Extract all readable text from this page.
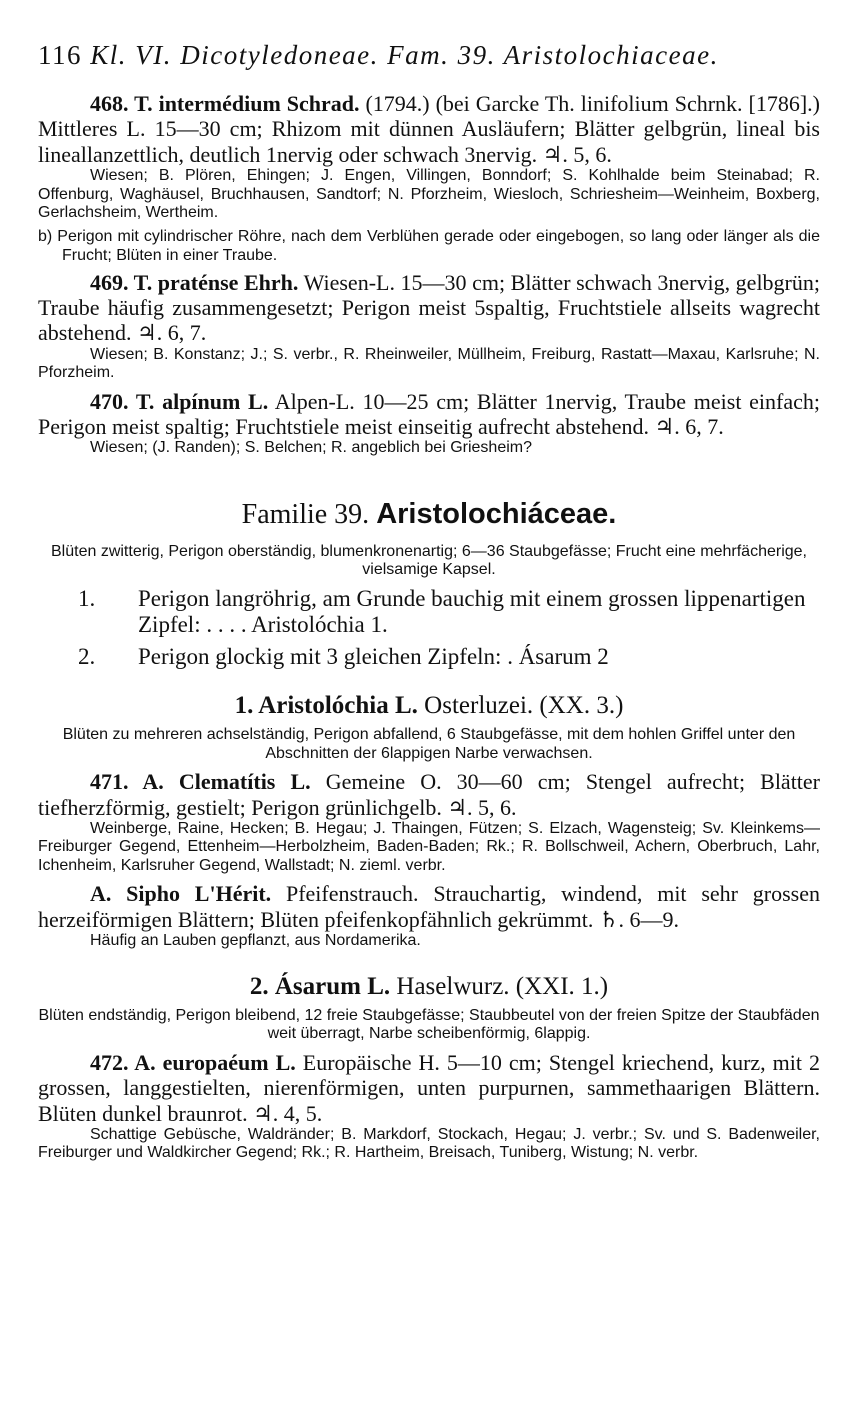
116 Kl. VI. Dicotyledoneae. Fam. 39. Aristolochiaceae.

468. T. intermédium Schrad. (1794.) (bei Garcke Th. linifolium Schrnk. [1786].) Mittleres L. 15—30 cm; Rhizom mit dünnen Ausläufern; Blätter gelbgrün, lineal bis lineallanzettlich, deutlich 1nervig oder schwach 3nervig. ♃. 5, 6.

Wiesen; B. Plören, Ehingen; J. Engen, Villingen, Bonndorf; S. Kohlhalde beim Steinabad; R. Offenburg, Waghäusel, Bruchhausen, Sandtorf; N. Pforzheim, Wiesloch, Schriesheim—Weinheim, Boxberg, Gerlachsheim, Wertheim.

b) Perigon mit cylindrischer Röhre, nach dem Verblühen gerade oder eingebogen, so lang oder länger als die Frucht; Blüten in einer Traube.

469. T. praténse Ehrh. Wiesen-L. 15—30 cm; Blätter schwach 3nervig, gelbgrün; Traube häufig zusammengesetzt; Perigon meist 5spaltig, Fruchtstiele allseits wagrecht abstehend. ♃. 6, 7.

Wiesen; B. Konstanz; J.; S. verbr., R. Rheinweiler, Müllheim, Freiburg, Rastatt—Maxau, Karlsruhe; N. Pforzheim.

470. T. alpínum L. Alpen-L. 10—25 cm; Blätter 1nervig, Traube meist einfach; Perigon meist spaltig; Fruchtstiele meist einseitig aufrecht abstehend. ♃. 6, 7.

Wiesen; (J. Randen); S. Belchen; R. angeblich bei Griesheim?

Familie 39. Aristolochiáceae.

Blüten zwitterig, Perigon oberständig, blumenkronenartig; 6—36 Staubgefässe; Frucht eine mehrfächerige, vielsamige Kapsel.

1.	Perigon langröhrig, am Grunde bauchig mit einem grossen lippenartigen Zipfel: . . . . Aristolóchia 1.
2.	Perigon glockig mit 3 gleichen Zipfeln: . Ásarum 2
1. Aristolóchia L. Osterluzei. (XX. 3.)

Blüten zu mehreren achselständig, Perigon abfallend, 6 Staubgefässe, mit dem hohlen Griffel unter den Abschnitten der 6lappigen Narbe verwachsen.

471. A. Clematítis L. Gemeine O. 30—60 cm; Stengel aufrecht; Blätter tiefherzförmig, gestielt; Perigon grünlichgelb. ♃. 5, 6.

Weinberge, Raine, Hecken; B. Hegau; J. Thaingen, Fützen; S. Elzach, Wagensteig; Sv. Kleinkems—Freiburger Gegend, Ettenheim—Herbolzheim, Baden-Baden; Rk.; R. Bollschweil, Achern, Oberbruch, Lahr, Ichenheim, Karlsruher Gegend, Wallstadt; N. zieml. verbr.

A. Sipho L'Hérit. Pfeifenstrauch. Strauchartig, windend, mit sehr grossen herzeiförmigen Blättern; Blüten pfeifenkopfähnlich gekrümmt. ♄. 6—9.

Häufig an Lauben gepflanzt, aus Nordamerika.

2. Ásarum L. Haselwurz. (XXI. 1.)

Blüten endständig, Perigon bleibend, 12 freie Staubgefässe; Staubbeutel von der freien Spitze der Staubfäden weit überragt, Narbe scheibenförmig, 6lappig.

472. A. europaéum L. Europäische H. 5—10 cm; Stengel kriechend, kurz, mit 2 grossen, langgestielten, nierenförmigen, unten purpurnen, sammethaarigen Blättern. Blüten dunkel braunrot. ♃. 4, 5.

Schattige Gebüsche, Waldränder; B. Markdorf, Stockach, Hegau; J. verbr.; Sv. und S. Badenweiler, Freiburger und Waldkircher Gegend; Rk.; R. Hartheim, Breisach, Tuniberg, Wistung; N. verbr.
